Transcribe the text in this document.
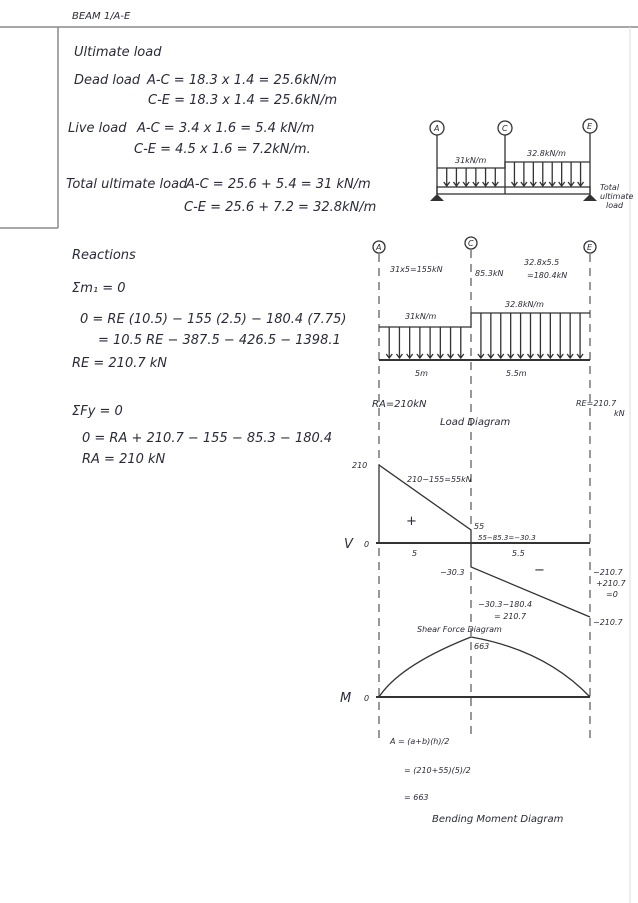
BEAM 1/A-E
Ultimate load
Dead load A-C = 18.3 x 1.4 = 25.6kN/m
C-E = 18.3 x 1.4 = 25.6kN/m
Live load A-C = 3.4 x 1.6 = 5.4 kN/m
C-E = 4.5 x 1.6 = 7.2kN/m.
Total ultimate load
A-C = 25.6 + 5.4 = 31 kN/m
C-E = 25.6 + 7.2 = 32.8kN/m
Reactions
Σm₁ = 0
0 = RE (10.5) − 155 (2.5) − 180.4 (7.75)
= 10.5 RE − 387.5 − 426.5 − 1398.1
RE = 210.7 kN
ΣFy = 0
0 = RA + 210.7 − 155 − 85.3 − 180.4
RA = 210 kN
A	C	E
31kN/m
32.8kN/m
Total
ultimate
load
A	C	E
31x5=155kN	85.3kN
32.8x5.5
=180.4kN
31kN/m
32.8kN/m
5m	5.5m
RA=210kN	RE=210.7
kN
Load Diagram
V 0
210
210−155=55kN
55
55−85.3=−30.3
+
−
5	5.5
−30.3
−30.3−180.4
= 210.7
−210.7
+210.7
=0
−210.7
Shear Force Diagram
M 0
663
A = (a+b)(h)/2
= (210+55)(5)/2
= 663
Bending Moment Diagram
